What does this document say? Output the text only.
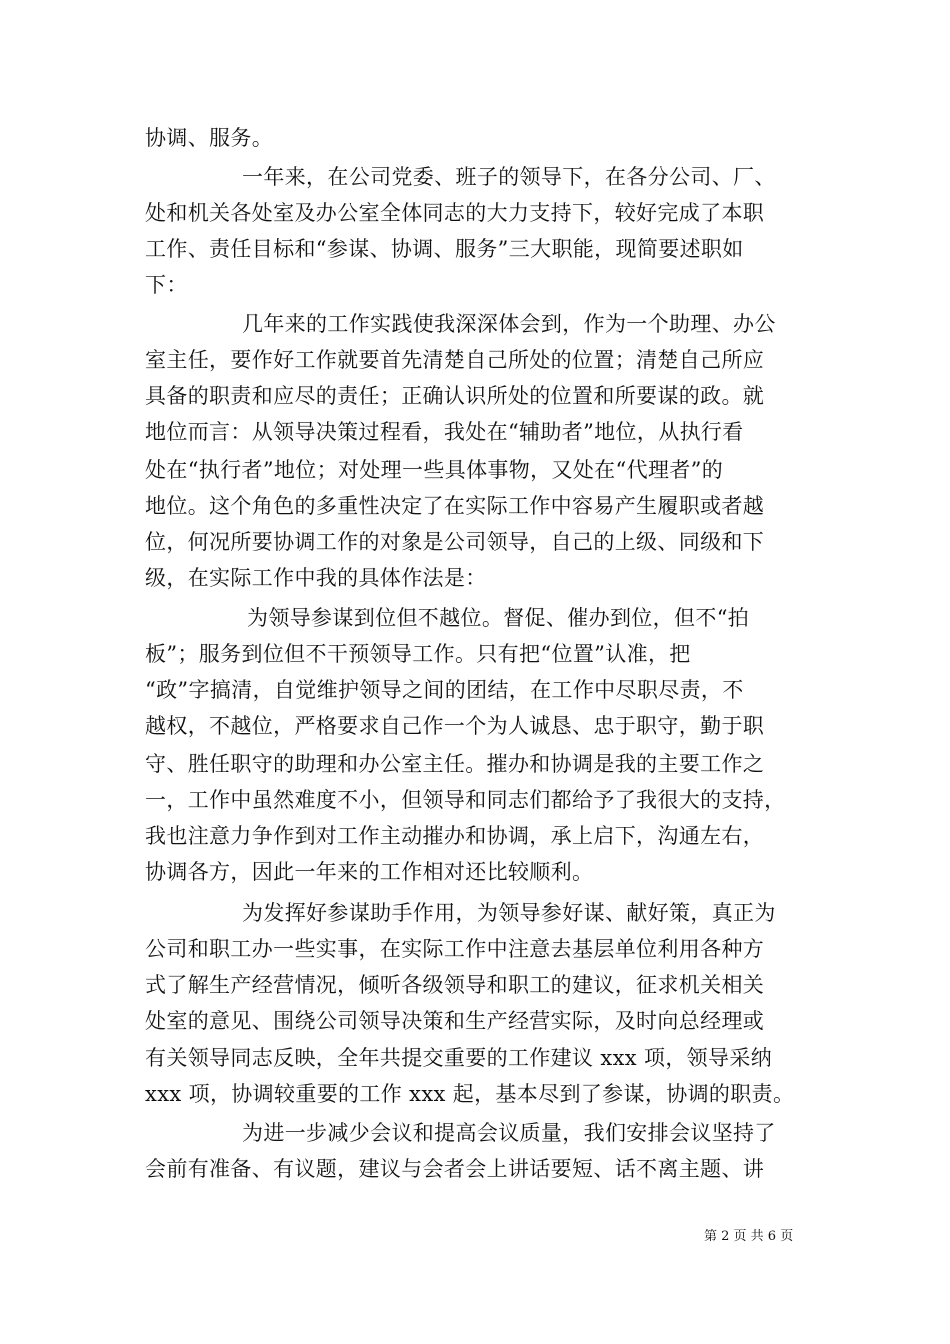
协调、服务。
一年来，在公司党委、班子的领导下，在各分公司、厂、
处和机关各处室及办公室全体同志的大力支持下，较好完成了本职
工作、责任目标和“参谋、协调、服务”三大职能，现简要述职如
下：
几年来的工作实践使我深深体会到，作为一个助理、办公
室主任，要作好工作就要首先清楚自己所处的位置；清楚自己所应
具备的职责和应尽的责任；正确认识所处的位置和所要谋的政。就
地位而言：从领导决策过程看，我处在“辅助者”地位，从执行看
处在“执行者”地位；对处理一些具体事物，又处在“代理者”的
地位。这个角色的多重性决定了在实际工作中容易产生履职或者越
位，何况所要协调工作的对象是公司领导，自己的上级、同级和下
级，在实际工作中我的具体作法是：
为领导参谋到位但不越位。督促、催办到位，但不“拍
板”；服务到位但不干预领导工作。只有把“位置”认准，把
“政”字搞清，自觉维护领导之间的团结，在工作中尽职尽责，不
越权，不越位，严格要求自己作一个为人诚恳、忠于职守，勤于职
守、胜任职守的助理和办公室主任。摧办和协调是我的主要工作之
一，工作中虽然难度不小，但领导和同志们都给予了我很大的支持，
我也注意力争作到对工作主动摧办和协调，承上启下，沟通左右，
协调各方，因此一年来的工作相对还比较顺利。
为发挥好参谋助手作用，为领导参好谋、献好策，真正为
公司和职工办一些实事，在实际工作中注意去基层单位利用各种方
式了解生产经营情况，倾听各级领导和职工的建议，征求机关相关
处室的意见、围绕公司领导决策和生产经营实际，及时向总经理或
有关领导同志反映，全年共提交重要的工作建议 xxx 项，领导采纳
xxx 项，协调较重要的工作 xxx 起，基本尽到了参谋，协调的职责。
为进一步减少会议和提高会议质量，我们安排会议坚持了
会前有准备、有议题，建议与会者会上讲话要短、话不离主题、讲
第 2 页 共 6 页
